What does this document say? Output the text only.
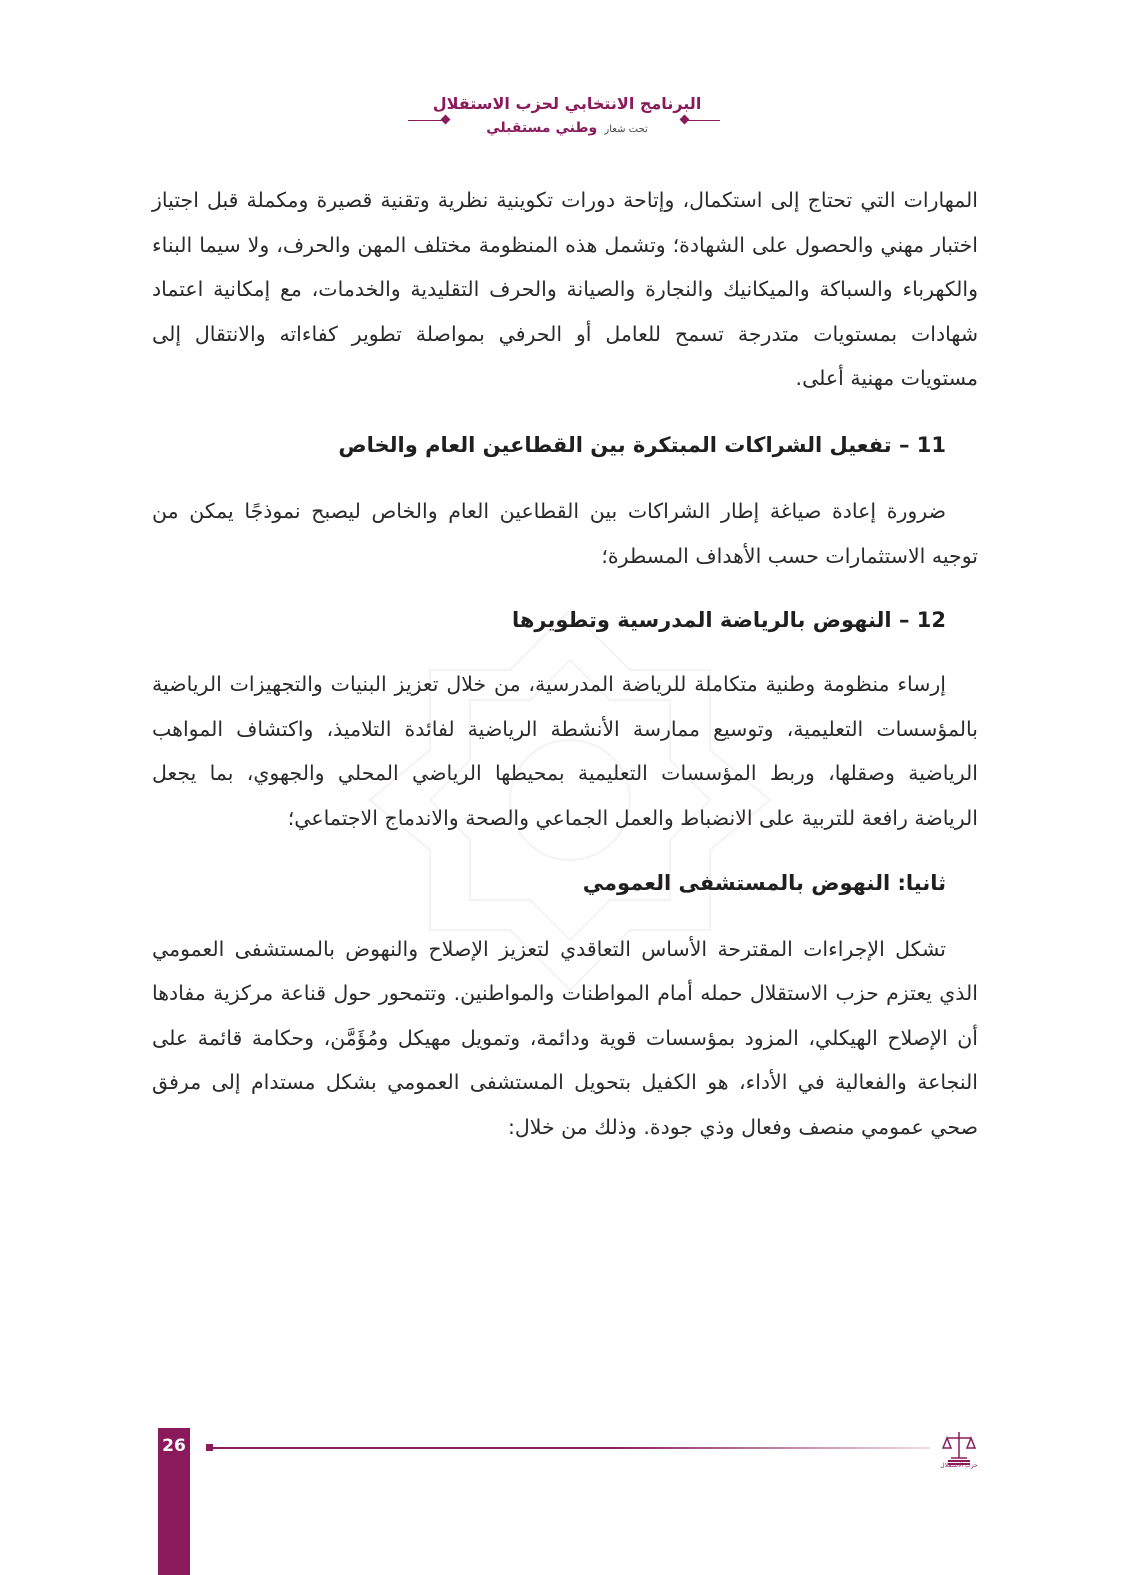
البرنامج الانتخابي لحزب الاستقلال
تحت شعار وطني مستقبلي

المهارات التي تحتاج إلى استكمال، وإتاحة دورات تكوينية نظرية وتقنية قصيرة ومكملة قبل اجتياز اختبار مهني والحصول على الشهادة؛ وتشمل هذه المنظومة مختلف المهن والحرف، ولا سيما البناء والكهرباء والسباكة والميكانيك والنجارة والصيانة والحرف التقليدية والخدمات، مع إمكانية اعتماد شهادات بمستويات متدرجة تسمح للعامل أو الحرفي بمواصلة تطوير كفاءاته والانتقال إلى مستويات مهنية أعلى.

11 – تفعيل الشراكات المبتكرة بين القطاعين العام والخاص

ضرورة إعادة صياغة إطار الشراكات بين القطاعين العام والخاص ليصبح نموذجًا يمكن من توجيه الاستثمارات حسب الأهداف المسطرة؛

12 – النهوض بالرياضة المدرسية وتطويرها

إرساء منظومة وطنية متكاملة للرياضة المدرسية، من خلال تعزيز البنيات والتجهيزات الرياضية بالمؤسسات التعليمية، وتوسيع ممارسة الأنشطة الرياضية لفائدة التلاميذ، واكتشاف المواهب الرياضية وصقلها، وربط المؤسسات التعليمية بمحيطها الرياضي المحلي والجهوي، بما يجعل الرياضة رافعة للتربية على الانضباط والعمل الجماعي والصحة والاندماج الاجتماعي؛

ثانيا: النهوض بالمستشفى العمومي

تشكل الإجراءات المقترحة الأساس التعاقدي لتعزيز الإصلاح والنهوض بالمستشفى العمومي الذي يعتزم حزب الاستقلال حمله أمام المواطنات والمواطنين. وتتمحور حول قناعة مركزية مفادها أن الإصلاح الهيكلي، المزود بمؤسسات قوية ودائمة، وتمويل مهيكل ومُؤَمَّن، وحكامة قائمة على النجاعة والفعالية في الأداء، هو الكفيل بتحويل المستشفى العمومي بشكل مستدام إلى مرفق صحي عمومي منصف وفعال وذي جودة. وذلك من خلال:

26
حزب الاستقلال
